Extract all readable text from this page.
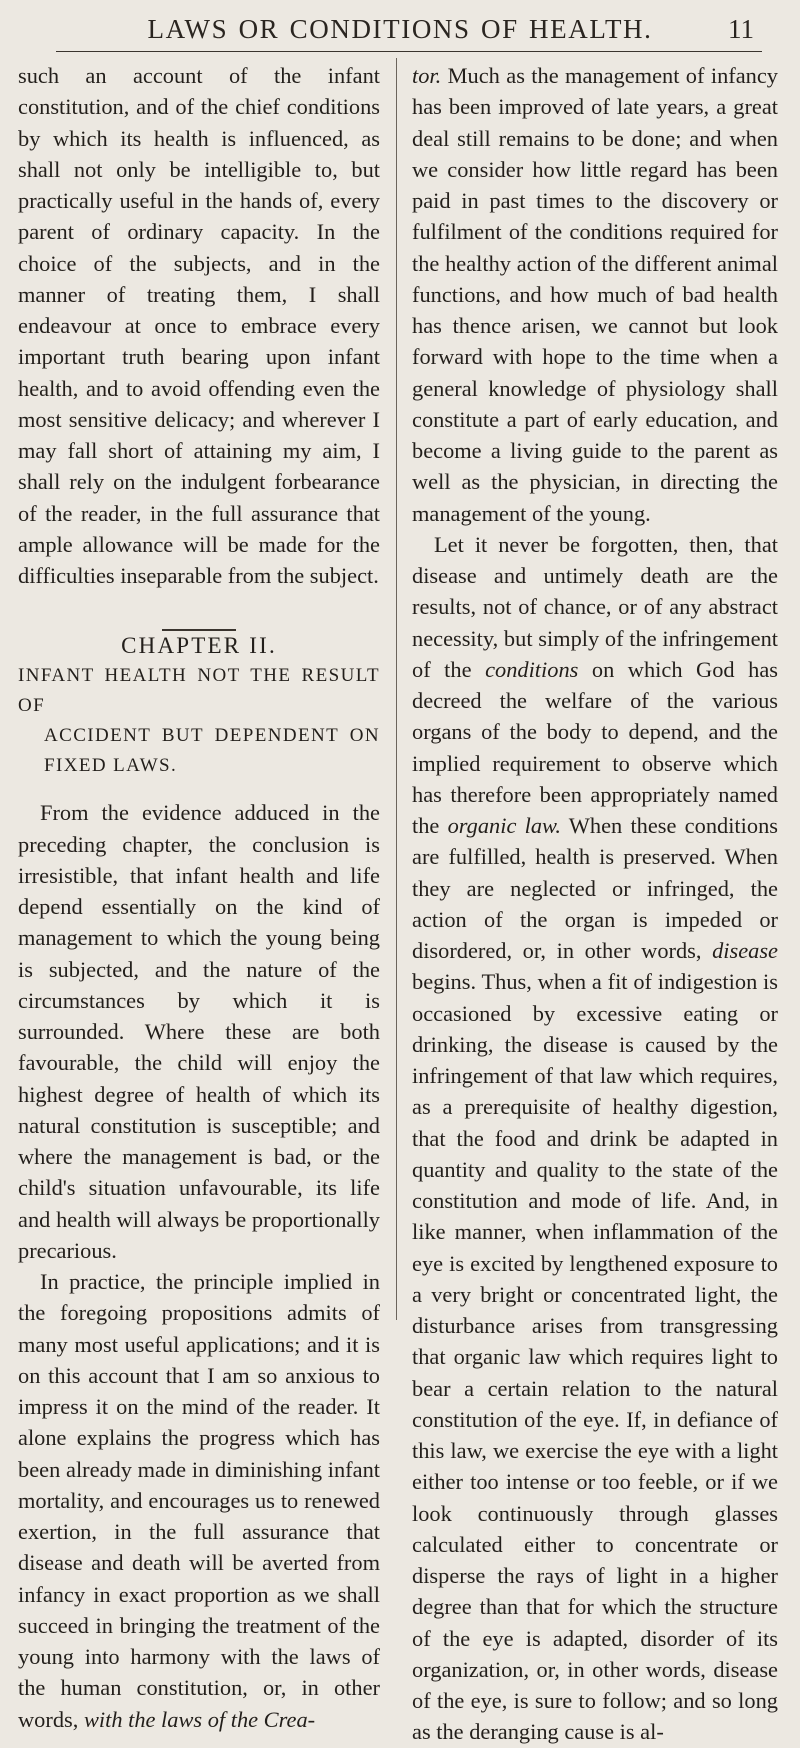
LAWS OR CONDITIONS OF HEALTH.	11

such an account of the infant constitution, and of the chief conditions by which its health is influenced, as shall not only be intelligible to, but practically useful in the hands of, every parent of ordinary capacity. In the choice of the subjects, and in the manner of treating them, I shall endeavour at once to embrace every important truth bearing upon infant health, and to avoid offending even the most sensitive delicacy; and wherever I may fall short of attaining my aim, I shall rely on the indulgent forbearance of the reader, in the full assurance that ample allowance will be made for the difficulties inseparable from the subject.

CHAPTER II.

INFANT HEALTH NOT THE RESULT OF
ACCIDENT BUT DEPENDENT ON FIXED LAWS.

From the evidence adduced in the preceding chapter, the conclusion is irresistible, that infant health and life depend essentially on the kind of management to which the young being is subjected, and the nature of the circumstances by which it is surrounded. Where these are both favourable, the child will enjoy the highest degree of health of which its natural constitution is susceptible; and where the management is bad, or the child's situation unfavourable, its life and health will always be proportionally precarious.

In practice, the principle implied in the foregoing propositions admits of many most useful applications; and it is on this account that I am so anxious to impress it on the mind of the reader. It alone explains the progress which has been already made in diminishing infant mortality, and encourages us to renewed exertion, in the full assurance that disease and death will be averted from infancy in exact proportion as we shall succeed in bringing the treatment of the young into harmony with the laws of the human constitution, or, in other words, with the laws of the Crea-

tor. Much as the management of infancy has been improved of late years, a great deal still remains to be done; and when we consider how little regard has been paid in past times to the discovery or fulfilment of the conditions required for the healthy action of the different animal functions, and how much of bad health has thence arisen, we cannot but look forward with hope to the time when a general knowledge of physiology shall constitute a part of early education, and become a living guide to the parent as well as the physician, in directing the management of the young.

Let it never be forgotten, then, that disease and untimely death are the results, not of chance, or of any abstract necessity, but simply of the infringement of the conditions on which God has decreed the welfare of the various organs of the body to depend, and the implied requirement to observe which has therefore been appropriately named the organic law. When these conditions are fulfilled, health is preserved. When they are neglected or infringed, the action of the organ is impeded or disordered, or, in other words, disease begins. Thus, when a fit of indigestion is occasioned by excessive eating or drinking, the disease is caused by the infringement of that law which requires, as a prerequisite of healthy digestion, that the food and drink be adapted in quantity and quality to the state of the constitution and mode of life. And, in like manner, when inflammation of the eye is excited by lengthened exposure to a very bright or concentrated light, the disturbance arises from transgressing that organic law which requires light to bear a certain relation to the natural constitution of the eye. If, in defiance of this law, we exercise the eye with a light either too intense or too feeble, or if we look continuously through glasses calculated either to concentrate or disperse the rays of light in a higher degree than that for which the structure of the eye is adapted, disorder of its organization, or, in other words, disease of the eye, is sure to follow; and so long as the deranging cause is al-
